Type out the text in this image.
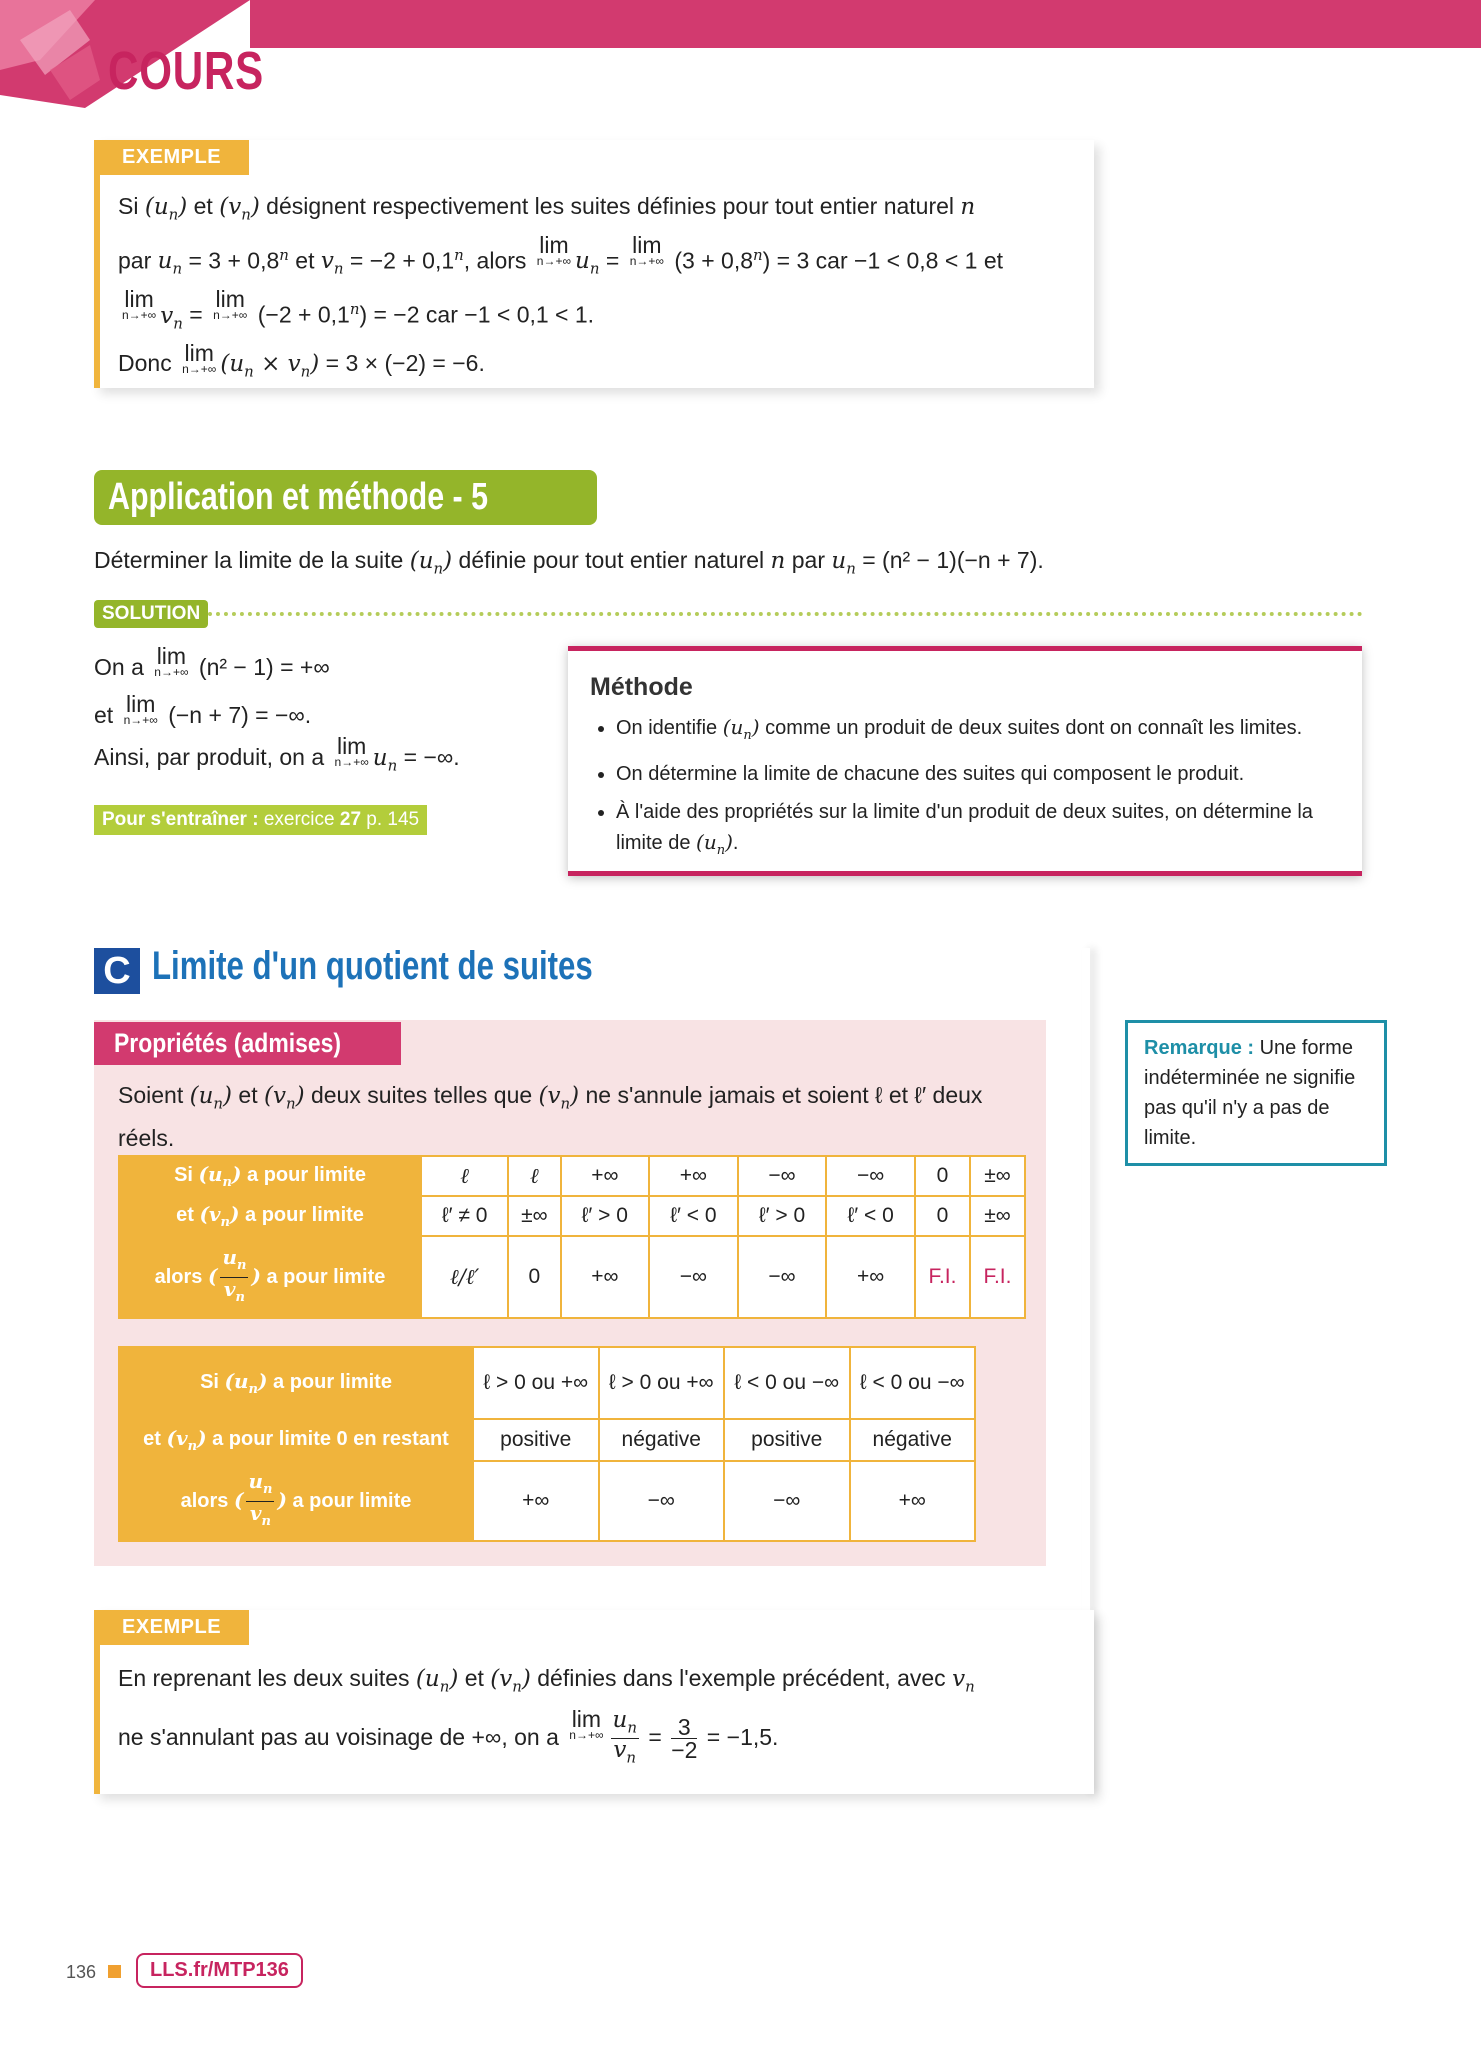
COURS
EXEMPLE
Si $(u_n)$ et $(v_n)$ désignent respectivement les suites définies pour tout entier naturel n
par $u_n = 3 + 0,8^n$ et $v_n = -2 + 0,1^n$, alors lim
n→+∞ $u_n = \lim$
n→+∞ $(3 + 0,8^n) = 3$ car −1 < 0,8 < 1 et
lim
n→+∞ $v_n = \lim$
n→+∞ $(-2 + 0,1^n) = -2$ car −1 < 0,1 < 1.
Donc lim
n→+∞ $(u_n \times v_n) = 3 \times (-2) = -6$.
Application et méthode - 5
Déterminer la limite de la suite $(u_n)$ définie pour tout entier naturel n par $u_n = (n^2 - 1)(-n + 7)$.
SOLUTION
On a lim
n→+∞ (n² − 1) = +∞
et lim
n→+∞ (−n + 7) = −∞.
Ainsi, par produit, on a lim
n→+∞ $u_n$ = −∞.
Pour s'entraîner : exercice 27 p. 145
Méthode
• On identifie $(u_n)$ comme un produit de deux suites dont on connaît les limites.
• On détermine la limite de chacune des suites qui composent le produit.
• À l'aide des propriétés sur la limite d'un produit de deux suites, on détermine la limite de $(u_n)$.
C Limite d'un quotient de suites
Propriétés (admises)
Soient $(u_n)$ et $(v_n)$ deux suites telles que $(v_n)$ ne s'annule jamais et soient ℓ et ℓ′ deux réels.
Si $(u_n)$ a pour limite	ℓ	ℓ	+∞	+∞	−∞	−∞	0	±∞
et $(v_n)$ a pour limite	ℓ′ ≠ 0	±∞	ℓ′ > 0	ℓ′ < 0	ℓ′ > 0	ℓ′ < 0	0	±∞
alors ( $\frac{u_n}{v_n}$ ) a pour limite	ℓ/ℓ′	0	+∞	−∞	−∞	+∞	F.I.	F.I.
Si $(u_n)$ a pour limite	ℓ > 0 ou +∞	ℓ > 0 ou +∞	ℓ < 0 ou −∞	ℓ < 0 ou −∞
et $(v_n)$ a pour limite 0 en restant	positive	négative	positive	négative
alors ( $\frac{u_n}{v_n}$ ) a pour limite	+∞	−∞	−∞	+∞
Remarque : Une forme indéterminée ne signifie pas qu'il n'y a pas de limite.
EXEMPLE
En reprenant les deux suites $(u_n)$ et $(v_n)$ définies dans l'exemple précédent, avec $v_n$
ne s'annulant pas au voisinage de +∞, on a lim
$n\to+\infty \frac{u_n}{v_n} = \frac{3}{-2} = -1,5$.
136	LLS.fr/MTP136
